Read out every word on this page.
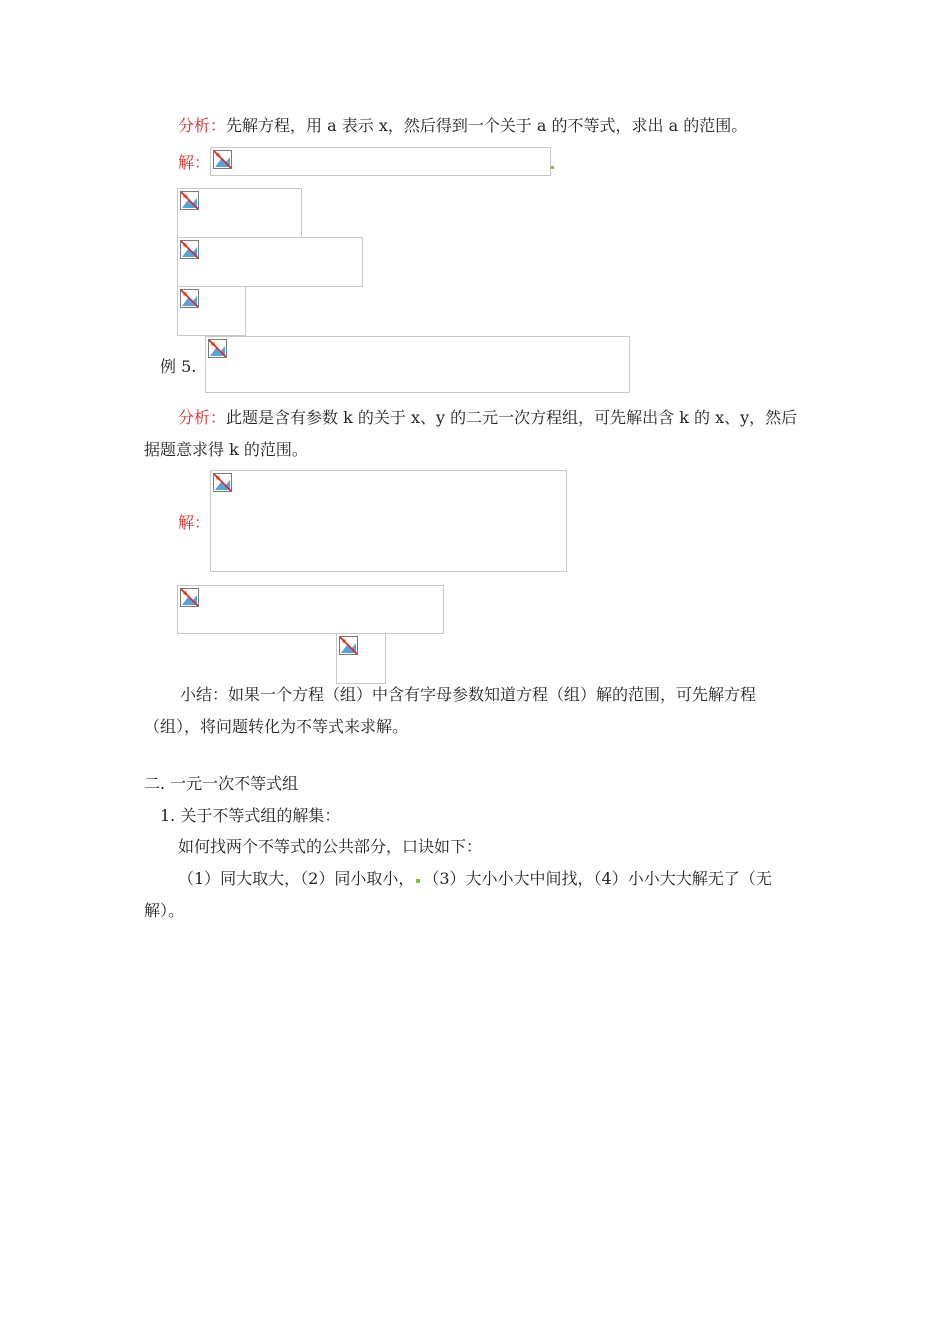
分析：先解方程，用 a 表示 x，然后得到一个关于 a 的不等式，求出 a 的范围。
解：
例 5.
分析：此题是含有参数 k 的关于 x、y 的二元一次方程组，可先解出含 k 的 x、y，然后
据题意求得 k 的范围。
解：
小结：如果一个方程（组）中含有字母参数知道方程（组）解的范围，可先解方程
（组），将问题转化为不等式来求解。
二. 一元一次不等式组
1. 关于不等式组的解集：
如何找两个不等式的公共部分，口诀如下：
（1）同大取大，（2）同小取小， （3）大小小大中间找，（4）小小大大解无了（无
解）。
